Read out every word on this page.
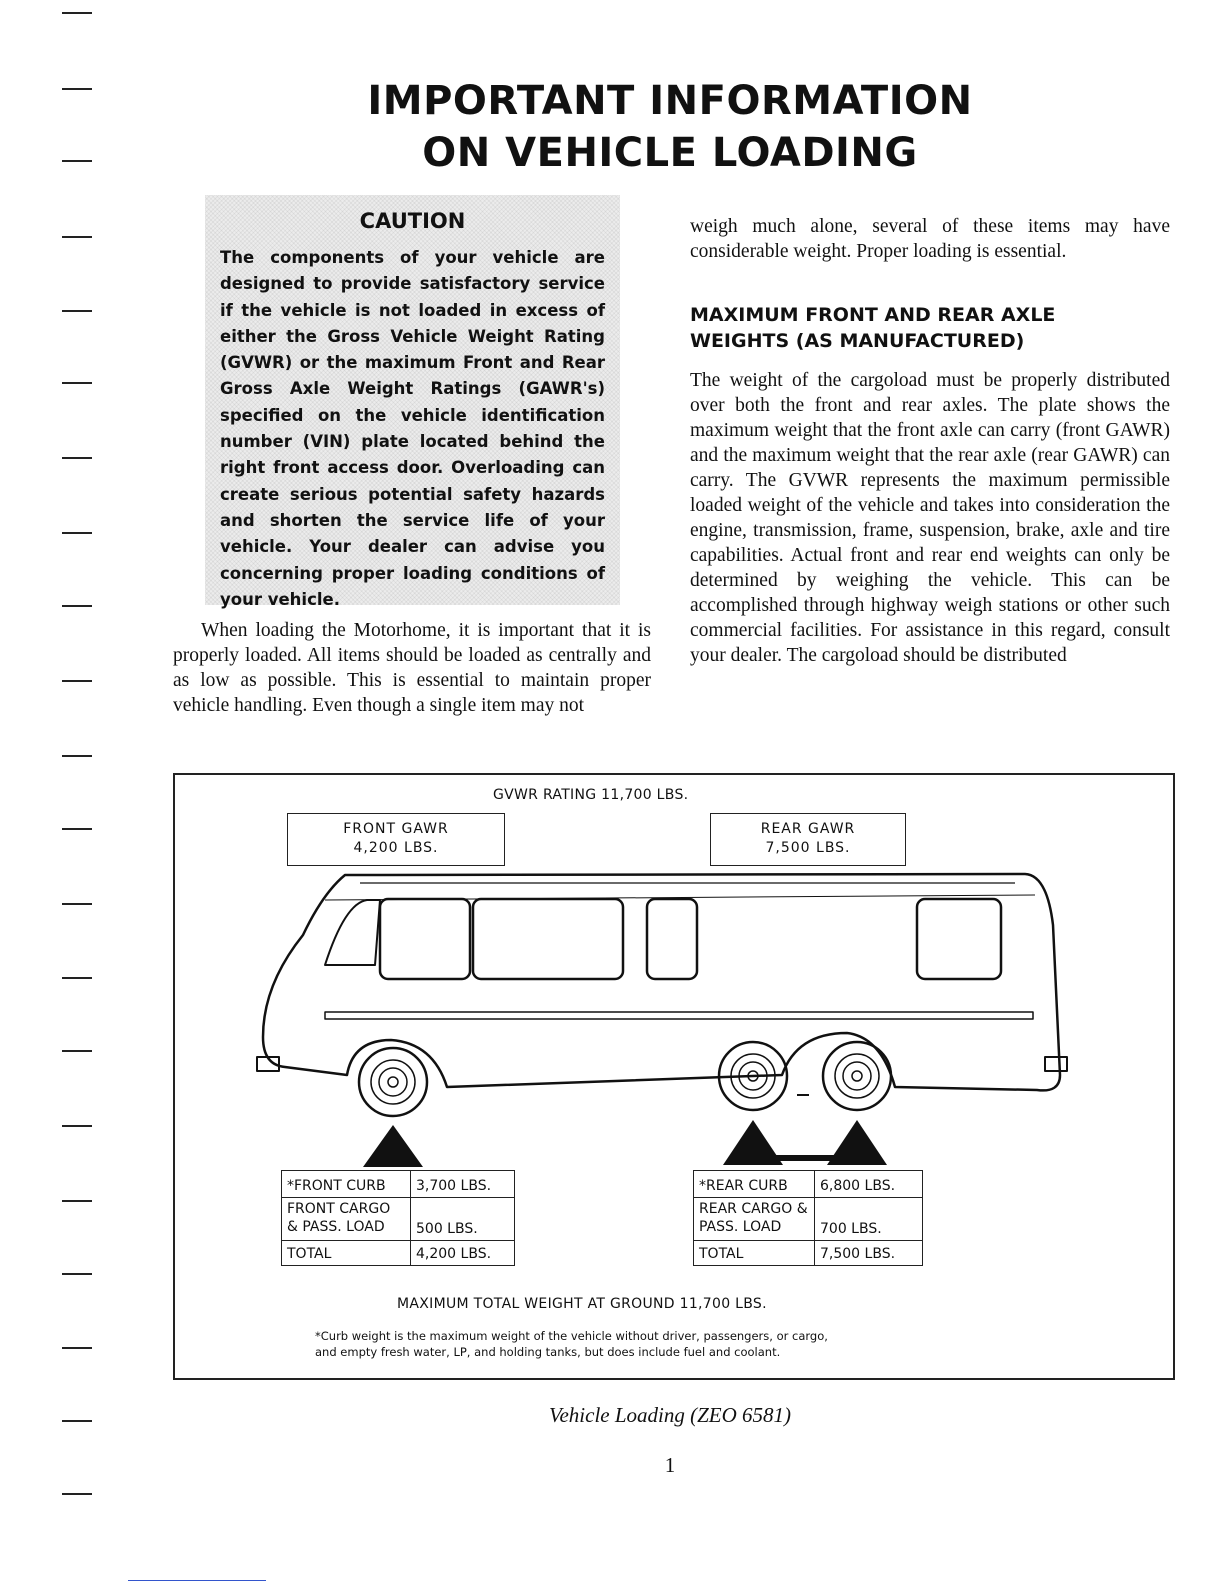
IMPORTANT INFORMATION
ON VEHICLE LOADING
CAUTION
The components of your vehicle are designed to provide satisfactory service if the vehicle is not loaded in excess of either the Gross Vehicle Weight Rating (GVWR) or the maximum Front and Rear Gross Axle Weight Ratings (GAWR's) specified on the vehicle identification number (VIN) plate located behind the right front access door. Overloading can create serious potential safety hazards and shorten the service life of your vehicle. Your dealer can advise you concerning proper loading conditions of your vehicle.

When loading the Motorhome, it is important that it is properly loaded. All items should be loaded as centrally and as low as possible. This is essential to maintain proper vehicle handling. Even though a single item may not

weigh much alone, several of these items may have considerable weight. Proper loading is essential.

MAXIMUM FRONT AND REAR AXLE
WEIGHTS (AS MANUFACTURED)

The weight of the cargoload must be properly distributed over both the front and rear axles. The plate shows the maximum weight that the front axle can carry (front GAWR) and the maximum weight that the rear axle (rear GAWR) can carry. The GVWR represents the maximum permissible loaded weight of the vehicle and takes into consideration the engine, transmission, frame, suspension, brake, axle and tire capabilities. Actual front and rear end weights can only be determined by weighing the vehicle. This can be accomplished through highway weigh stations or other such commercial facilities. For assistance in this regard, consult your dealer. The cargoload should be distributed

GVWR RATING 11,700 LBS.
FRONT GAWR
4,200 LBS.
REAR GAWR
7,500 LBS.
*FRONT CURB	3,700 LBS.
FRONT CARGO & PASS. LOAD	500 LBS.
TOTAL	4,200 LBS.
*REAR CURB	6,800 LBS.
REAR CARGO & PASS. LOAD	700 LBS.
TOTAL	7,500 LBS.
MAXIMUM TOTAL WEIGHT AT GROUND 11,700 LBS.
*Curb weight is the maximum weight of the vehicle without driver, passengers, or cargo,
and empty fresh water, LP, and holding tanks, but does include fuel and coolant.
Vehicle Loading (ZEO 6581)
1
